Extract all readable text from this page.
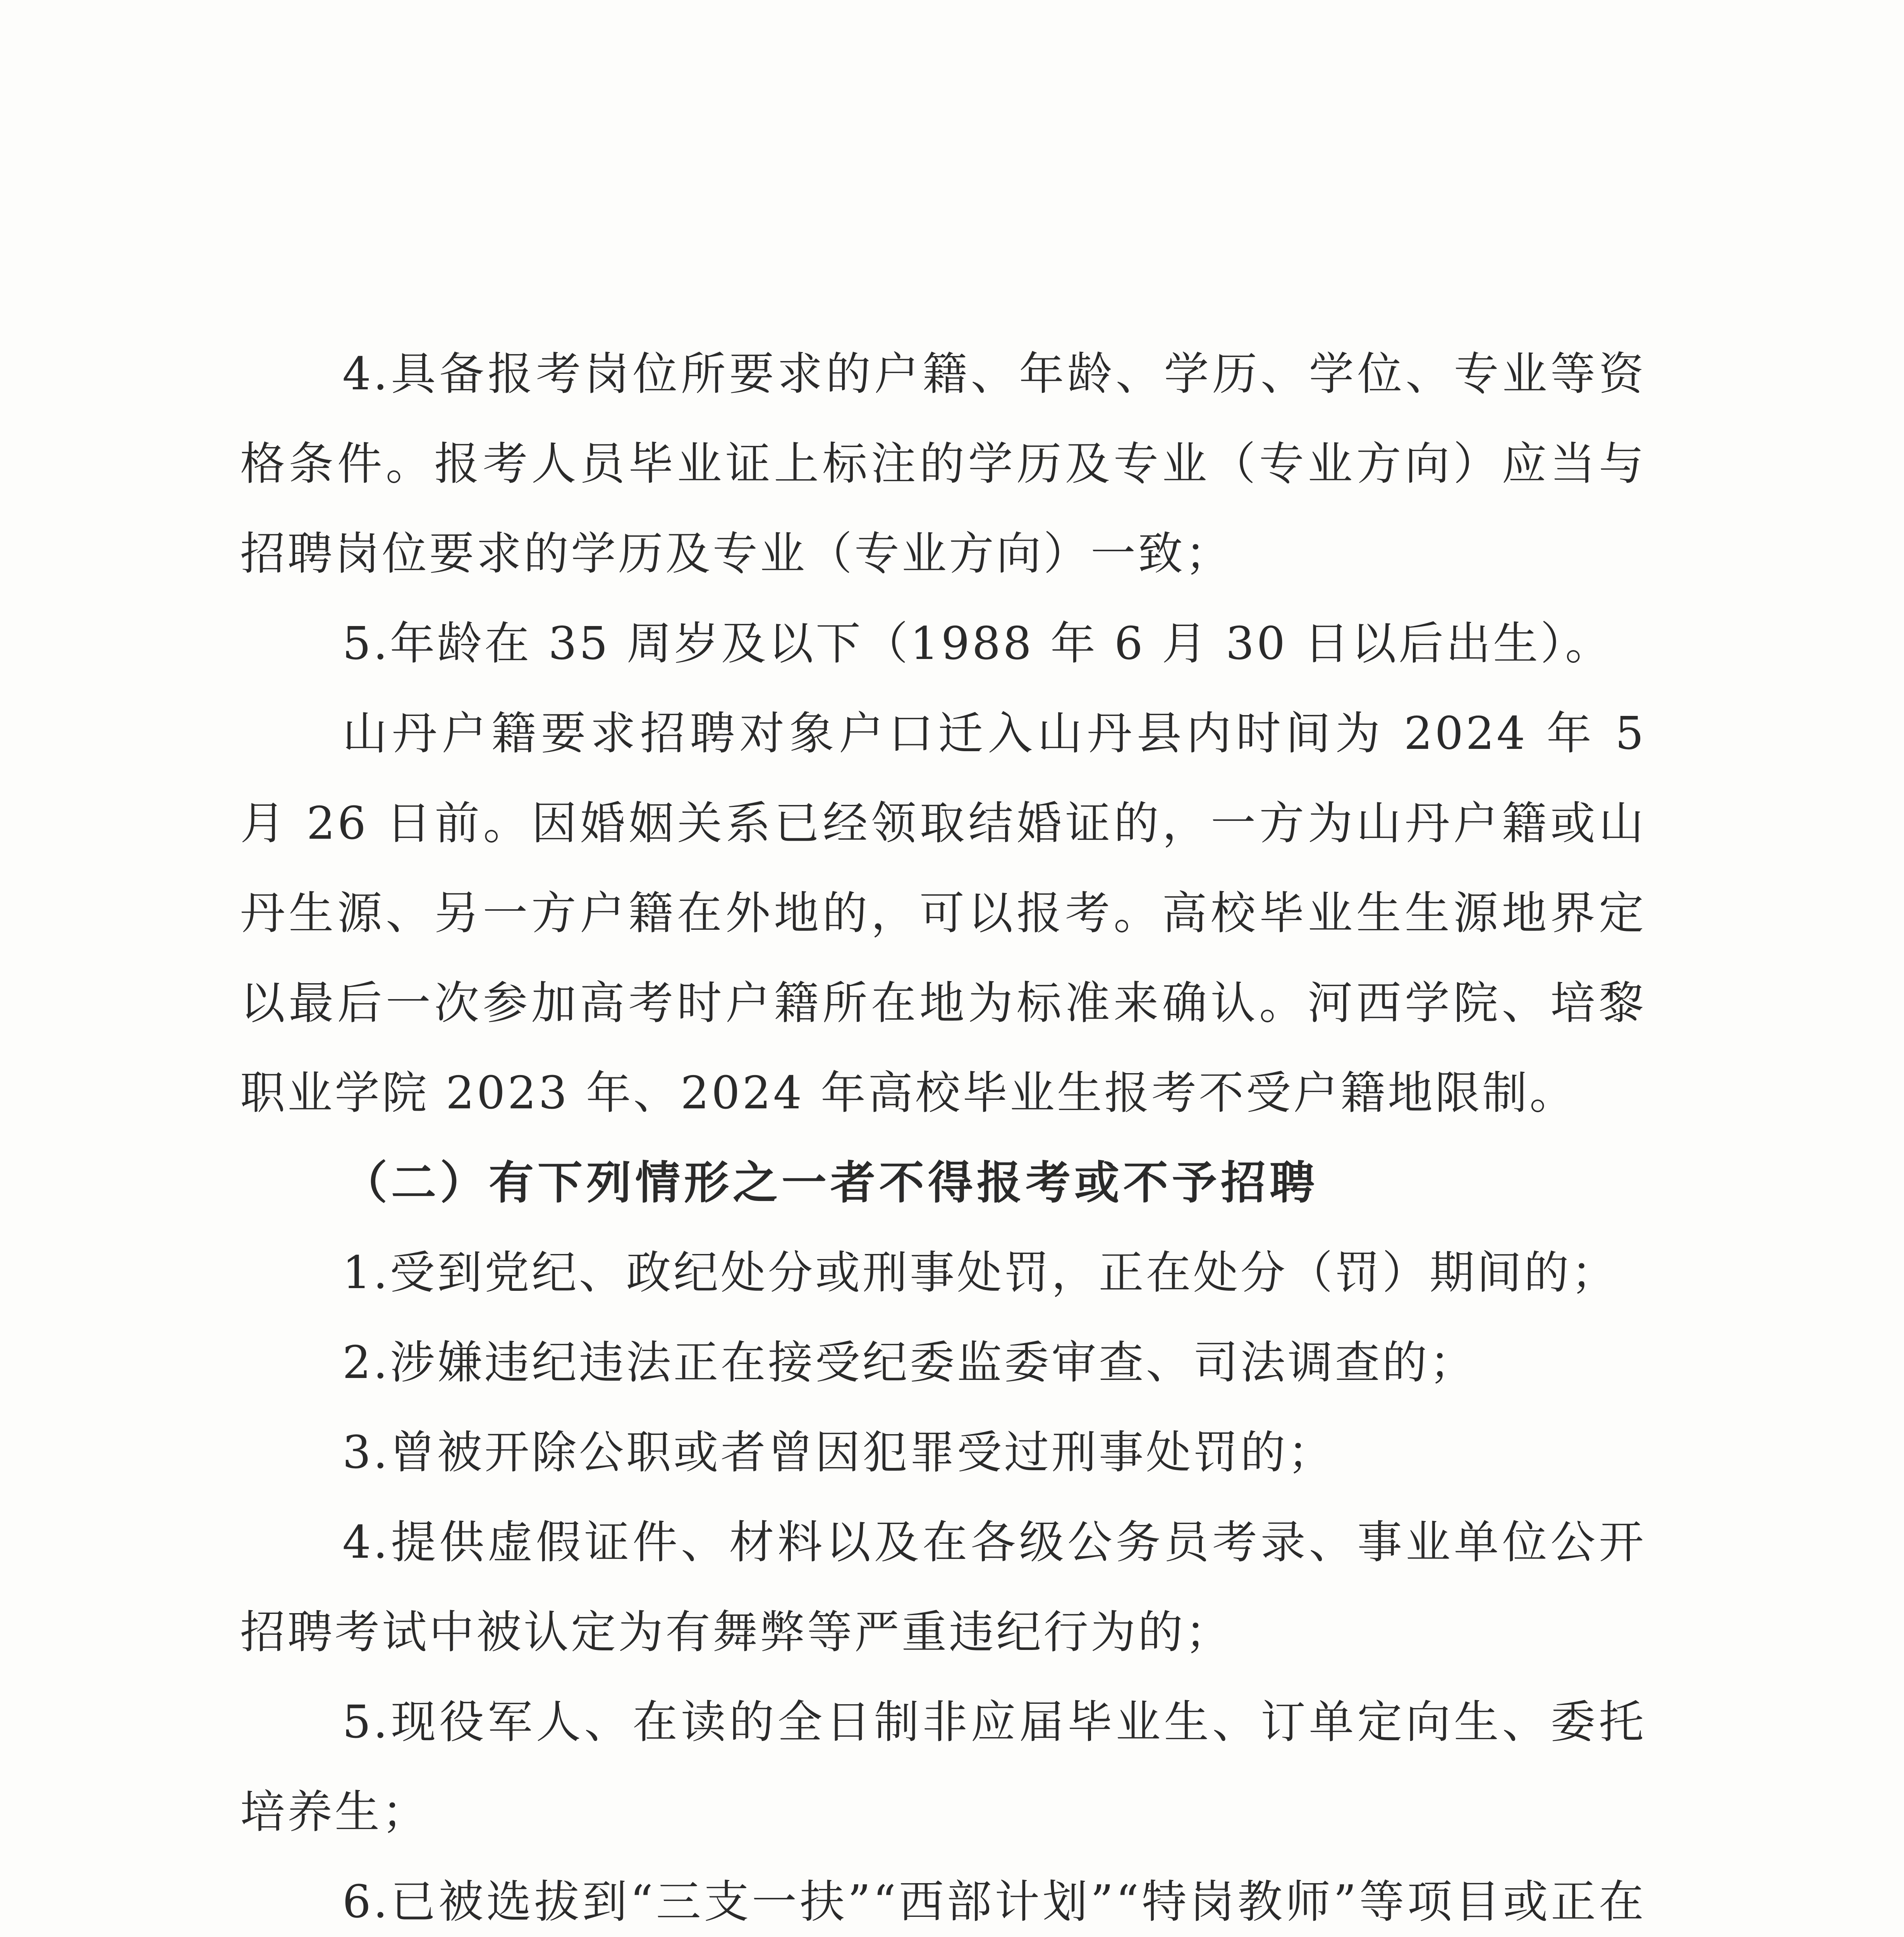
4.具备报考岗位所要求的户籍、年龄、学历、学位、专业等资格条件。报考人员毕业证上标注的学历及专业（专业方向）应当与招聘岗位要求的学历及专业（专业方向）一致；

5.年龄在 35 周岁及以下（1988 年 6 月 30 日以后出生）。

山丹户籍要求招聘对象户口迁入山丹县内时间为 2024 年 5 月 26 日前。因婚姻关系已经领取结婚证的，一方为山丹户籍或山丹生源、另一方户籍在外地的，可以报考。高校毕业生生源地界定以最后一次参加高考时户籍所在地为标准来确认。河西学院、培黎职业学院 2023 年、2024 年高校毕业生报考不受户籍地限制。

（二）有下列情形之一者不得报考或不予招聘

1.受到党纪、政纪处分或刑事处罚，正在处分（罚）期间的；

2.涉嫌违纪违法正在接受纪委监委审查、司法调查的；

3.曾被开除公职或者曾因犯罪受过刑事处罚的；

4.提供虚假证件、材料以及在各级公务员考录、事业单位公开招聘考试中被认定为有舞弊等严重违纪行为的；

5.现役军人、在读的全日制非应届毕业生、订单定向生、委托培养生；

6.已被选拔到“三支一扶”“西部计划”“特岗教师”等项目或正在
